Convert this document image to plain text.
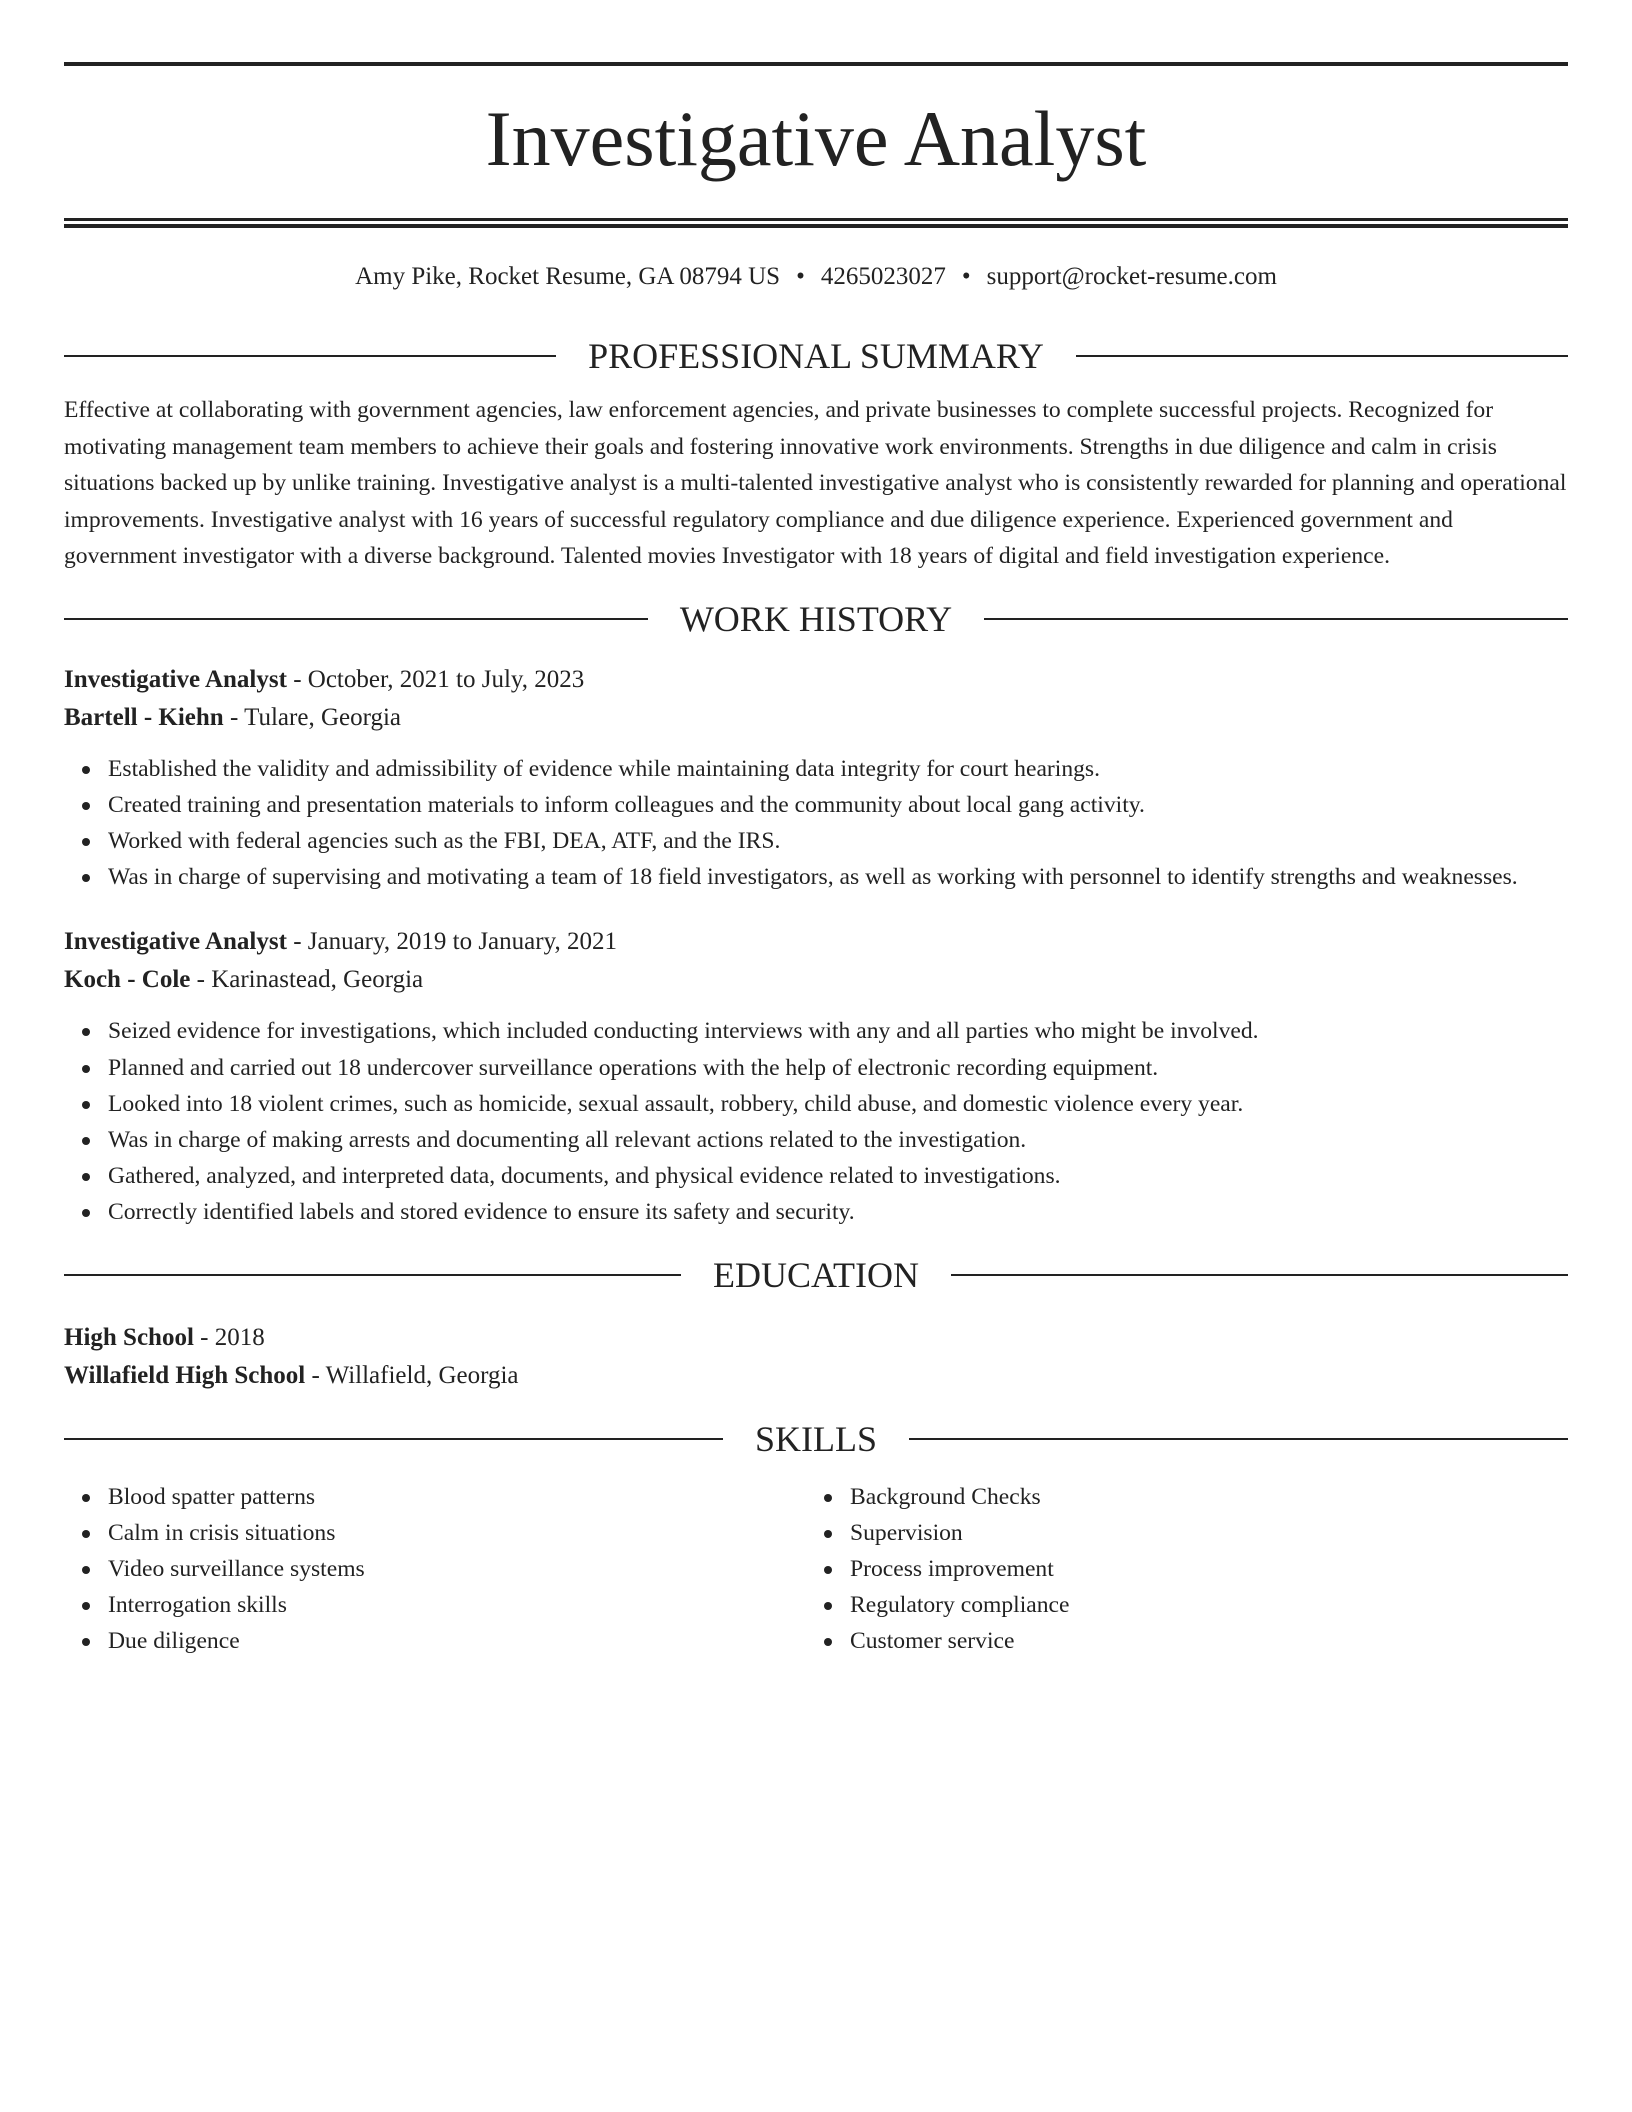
Investigative Analyst
Amy Pike, Rocket Resume, GA 08794 US • 4265023027 • support@rocket-resume.com
PROFESSIONAL SUMMARY

Effective at collaborating with government agencies, law enforcement agencies, and private businesses to complete successful projects. Recognized for motivating management team members to achieve their goals and fostering innovative work environments. Strengths in due diligence and calm in crisis situations backed up by unlike training. Investigative analyst is a multi-talented investigative analyst who is consistently rewarded for planning and operational improvements. Investigative analyst with 16 years of successful regulatory compliance and due diligence experience. Experienced government and government investigator with a diverse background. Talented movies Investigator with 18 years of digital and field investigation experience.

WORK HISTORY
Investigative Analyst - October, 2021 to July, 2023
Bartell - Kiehn - Tulare, Georgia
Established the validity and admissibility of evidence while maintaining data integrity for court hearings.
Created training and presentation materials to inform colleagues and the community about local gang activity.
Worked with federal agencies such as the FBI, DEA, ATF, and the IRS.
Was in charge of supervising and motivating a team of 18 field investigators, as well as working with personnel to identify strengths and weaknesses.
Investigative Analyst - January, 2019 to January, 2021
Koch - Cole - Karinastead, Georgia
Seized evidence for investigations, which included conducting interviews with any and all parties who might be involved.
Planned and carried out 18 undercover surveillance operations with the help of electronic recording equipment.
Looked into 18 violent crimes, such as homicide, sexual assault, robbery, child abuse, and domestic violence every year.
Was in charge of making arrests and documenting all relevant actions related to the investigation.
Gathered, analyzed, and interpreted data, documents, and physical evidence related to investigations.
Correctly identified labels and stored evidence to ensure its safety and security.
EDUCATION
High School - 2018
Willafield High School - Willafield, Georgia
SKILLS
Blood spatter patterns
Calm in crisis situations
Video surveillance systems
Interrogation skills
Due diligence
Background Checks
Supervision
Process improvement
Regulatory compliance
Customer service
